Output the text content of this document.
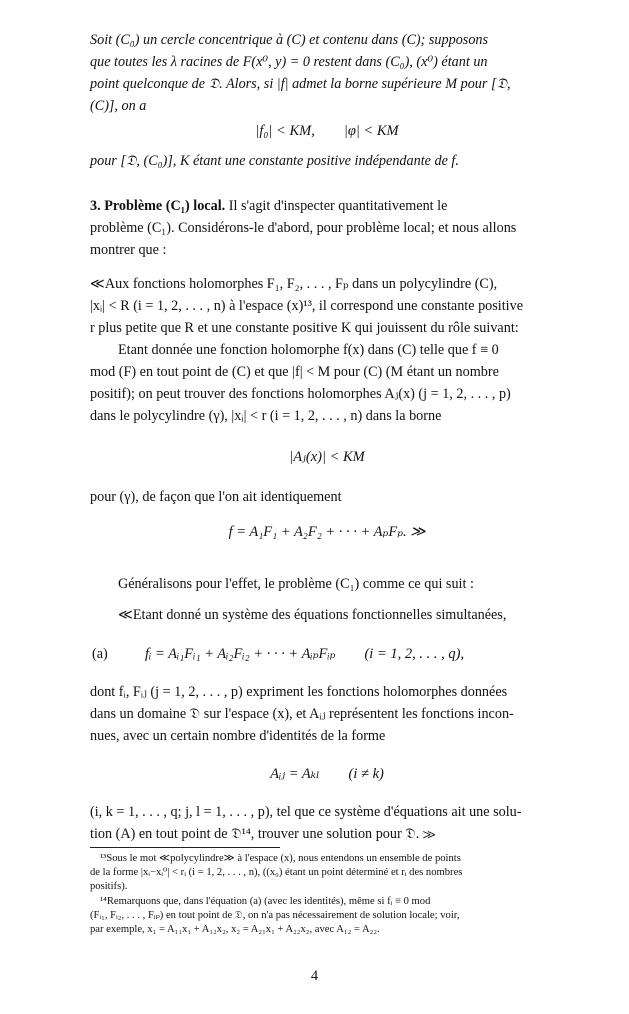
Soit (C₀) un cercle concentrique à (C) et contenu dans (C); supposons

que toutes les λ racines de F(x⁰, y) = 0 restent dans (C₀), (x⁰) étant un

point quelconque de 𝔇. Alors, si |f| admet la borne supérieure M pour [𝔇,

(C)], on a

|f₀| < KM,        |φ| < KM

pour [𝔇, (C₀)], K étant une constante positive indépendante de f.

3. Problème (C₁) local. Il s'agit d'inspecter quantitativement le

problème (C₁). Considérons-le d'abord, pour problème local; et nous allons

montrer que :

≪Aux fonctions holomorphes F₁, F₂, . . . , Fₚ dans un polycylindre (C),

|xᵢ| < R (i = 1, 2, . . . , n) à l'espace (x)¹³, il correspond une constante positive

r plus petite que R et une constante positive K qui jouissent du rôle suivant:

Etant donnée une fonction holomorphe f(x) dans (C) telle que f ≡ 0

mod (F) en tout point de (C) et que |f| < M pour (C) (M étant un nombre

positif); on peut trouver des fonctions holomorphes Aⱼ(x) (j = 1, 2, . . . , p)

dans le polycylindre (γ), |xᵢ| < r (i = 1, 2, . . . , n) dans la borne

|Aⱼ(x)| < KM

pour (γ), de façon que l'on ait identiquement

f = A₁F₁ + A₂F₂ + · · · + AₚFₚ. ≫

Généralisons pour l'effet, le problème (C₁) comme ce qui suit :

≪Etant donné un système des équations fonctionnelles simultanées,

(a)	fᵢ = Aᵢ₁Fᵢ₁ + Aᵢ₂Fᵢ₂ + · · · + AᵢₚFᵢₚ        (i = 1, 2, . . . , q),

dont fᵢ, Fᵢⱼ (j = 1, 2, . . . , p) expriment les fonctions holomorphes données

dans un domaine 𝔇 sur l'espace (x), et Aᵢⱼ représentent les fonctions incon-

nues, avec un certain nombre d'identités de la forme

Aᵢⱼ = Aₖₗ        (i ≠ k)

(i, k = 1, . . . , q; j, l = 1, . . . , p), tel que ce système d'équations ait une solu-

tion (A) en tout point de 𝔇¹⁴, trouver une solution pour 𝔇. ≫

¹³Sous le mot ≪polycylindre≫ à l'espace (x), nous entendons un ensemble de points

de la forme |xᵢ−xᵢ⁰| < rᵢ (i = 1, 2, . . . , n), ((x₀) étant un point déterminé et rᵢ des nombres

positifs).

¹⁴Remarquons que, dans l'équation (a) (avec les identités), même si fᵢ ≡ 0 mod

(Fᵢ₁, Fᵢ₂, . . . , Fᵢₚ) en tout point de 𝔇, on n'a pas nécessairement de solution locale; voir,

par exemple, x₁ = A₁₁x₁ + A₁₂x₂, x₂ = A₂₁x₁ + A₂₂x₂, avec A₁₂ = A₂₂.

4
